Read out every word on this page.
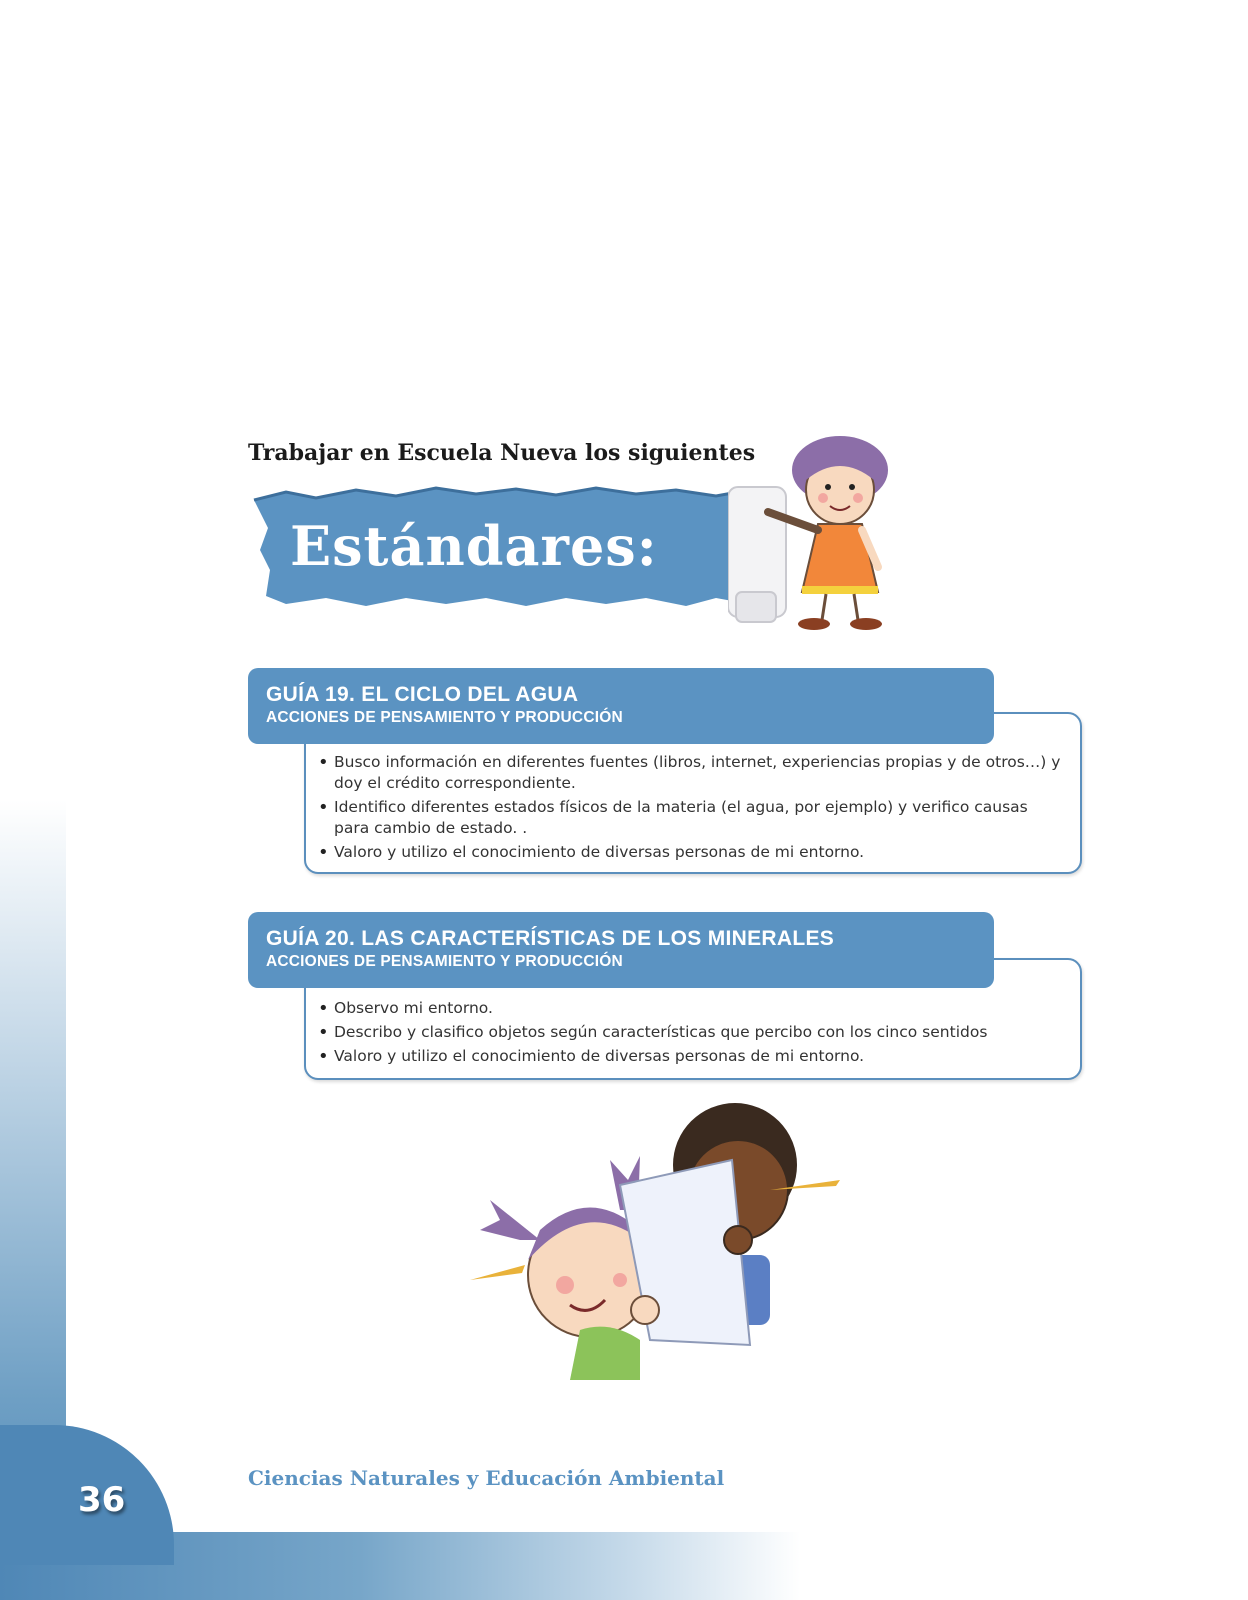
36
Trabajar en Escuela Nueva los siguientes
Estándares:
GUÍA 19. EL CICLO DEL AGUA
ACCIONES DE PENSAMIENTO Y PRODUCCIÓN
• Busco información en diferentes fuentes (libros, internet, experiencias propias y de otros…) y doy el crédito correspondiente.
• Identifico diferentes estados físicos de la materia (el agua, por ejemplo) y verifico causas para cambio de estado. .
• Valoro y utilizo el conocimiento de diversas personas de mi entorno.
GUÍA 20. LAS CARACTERÍSTICAS DE LOS MINERALES
ACCIONES DE PENSAMIENTO Y PRODUCCIÓN
• Observo mi entorno.
• Describo y clasifico objetos según características que percibo con los cinco sentidos
• Valoro y utilizo el conocimiento de diversas personas de mi entorno.
Ciencias Naturales y Educación Ambiental
